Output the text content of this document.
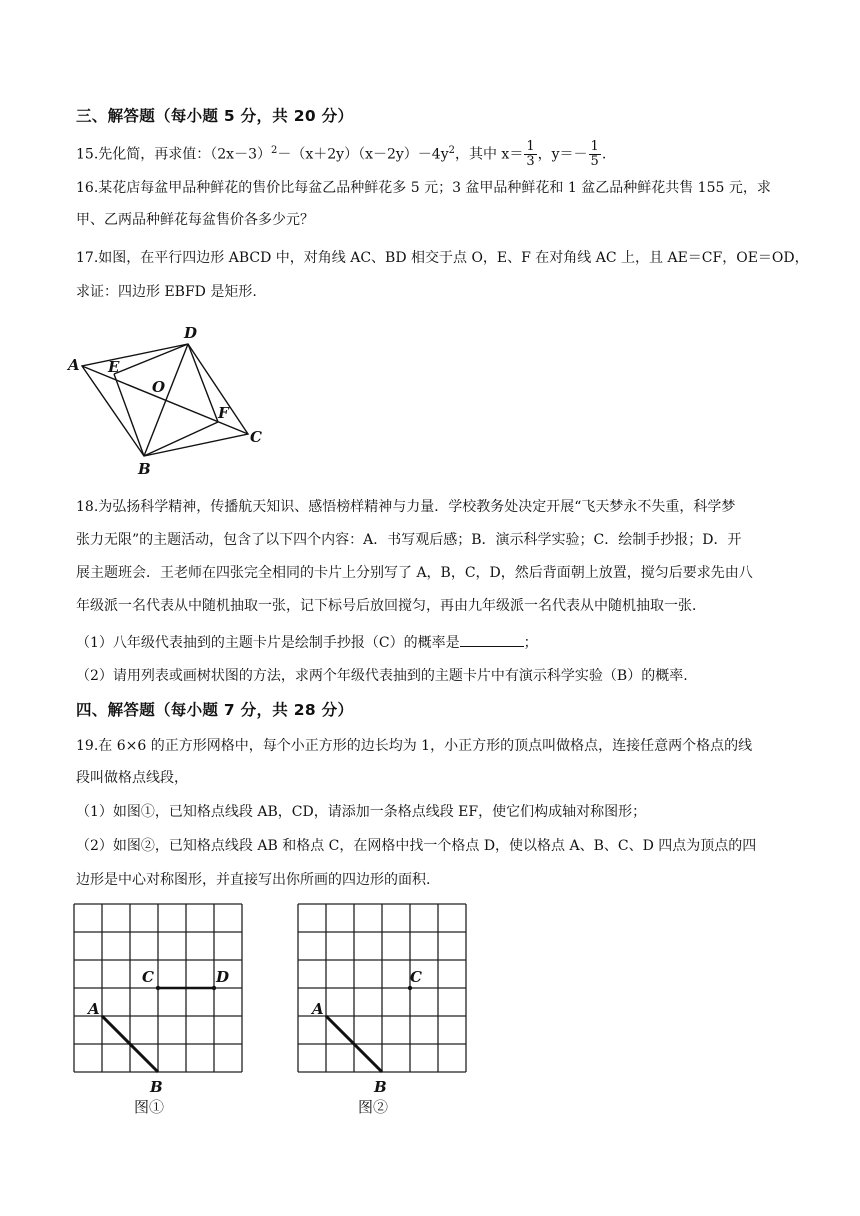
三、解答题（每小题 5 分，共 20 分）
15.先化简，再求值：$(2x-3)^2-(x+2y)(x-2y)-4y^2$，其中 $x= \frac{1}{3}$ ，$y=- \frac{1}{5}$ .
16.某花店每盆甲品种鲜花的售价比每盆乙品种鲜花多 5 元；3 盆甲品种鲜花和 1 盆乙品种鲜花共售 155 元，求
甲、乙两品种鲜花每盆售价各多少元？
17.如图，在平行四边形 ABCD 中，对角线 AC、BD 相交于点 O，E、F 在对角线 AC 上，且 AE＝CF，OE＝OD，
求证：四边形 EBFD 是矩形.
A
B
C
D
E
F
O
18.为弘扬科学精神，传播航天知识、感悟榜样精神与力量．学校教务处决定开展“飞天梦永不失重，科学梦
张力无限”的主题活动，包含了以下四个内容：A．书写观后感；B．演示科学实验；C．绘制手抄报；D．开
展主题班会．王老师在四张完全相同的卡片上分别写了 A，B，C，D，然后背面朝上放置，搅匀后要求先由八
年级派一名代表从中随机抽取一张，记下标号后放回搅匀，再由九年级派一名代表从中随机抽取一张．
（1）八年级代表抽到的主题卡片是绘制手抄报（C）的概率是	；
（2）请用列表或画树状图的方法，求两个年级代表抽到的主题卡片中有演示科学实验（B）的概率.
四、解答题（每小题 7 分，共 28 分）
19.在 6×6 的正方形网格中，每个小正方形的边长均为 1，小正方形的顶点叫做格点，连接任意两个格点的线
段叫做格点线段，
（1）如图①，已知格点线段 AB，CD，请添加一条格点线段 EF，使它们构成轴对称图形；
（2）如图②，已知格点线段 AB 和格点 C，在网格中找一个格点 D，使以格点 A、B、C、D 四点为顶点的四
边形是中心对称图形，并直接写出你所画的四边形的面积.
A
B
C	D
图①
A
B
C
图②
